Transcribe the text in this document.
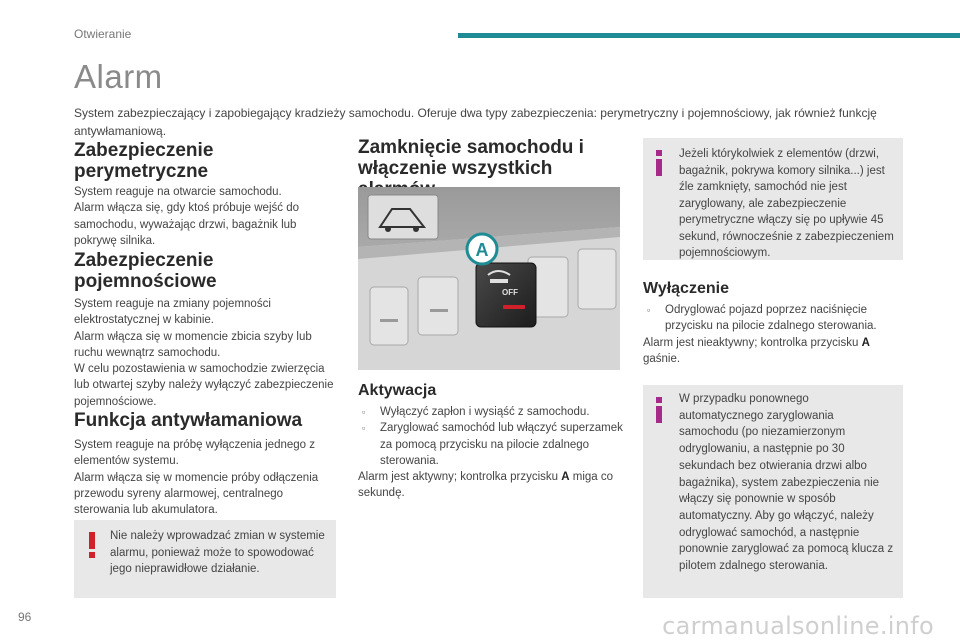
Otwieranie
Alarm

System zabezpieczający i zapobiegający kradzieży samochodu. Oferuje dwa typy zabezpieczenia: perymetryczny i pojemnościowy, jak również funkcję antywłamaniową.

Zabezpieczenie perymetryczne

System reaguje na otwarcie samochodu.

Alarm włącza się, gdy ktoś próbuje wejść do samochodu, wyważając drzwi, bagażnik lub pokrywę silnika.

Zabezpieczenie pojemnościowe

System reaguje na zmiany pojemności elektrostatycznej w kabinie.

Alarm włącza się w momencie zbicia szyby lub ruchu wewnątrz samochodu.

W celu pozostawienia w samochodzie zwierzęcia lub otwartej szyby należy wyłączyć zabezpieczenie pojemnościowe.

Funkcja antywłamaniowa

System reaguje na próbę wyłączenia jednego z elementów systemu.

Alarm włącza się w momencie próby odłączenia przewodu syreny alarmowej, centralnego sterowania lub akumulatora.

Nie należy wprowadzać zmian w systemie alarmu, ponieważ może to spowodować jego nieprawidłowe działanie.
Zamknięcie samochodu i włączenie wszystkich
OFF
A
Aktywacja
▫ Wyłączyć zapłon i wysiąść z samochodu.
▫ Zaryglować samochód lub włączyć superzamek za pomocą przycisku na pilocie zdalnego sterowania.

Alarm jest aktywny; kontrolka przycisku A miga co sekundę.

Jeżeli którykolwiek z elementów (drzwi, bagażnik, pokrywa komory silnika...) jest źle zamknięty, samochód nie jest zaryglowany, ale zabezpieczenie perymetryczne włączy się po upływie 45 sekund, równocześnie z zabezpieczeniem pojemnościowym.
Wyłączenie
▫ Odryglować pojazd poprzez naciśnięcie przycisku na pilocie zdalnego sterowania.

Alarm jest nieaktywny; kontrolka przycisku A gaśnie.

W przypadku ponownego automatycznego zaryglowania samochodu (po niezamierzonym odryglowaniu, a następnie po 30 sekundach bez otwierania drzwi albo bagażnika), system zabezpieczenia nie włączy się ponownie w sposób automatyczny. Aby go włączyć, należy odryglować samochód, a następnie ponownie zaryglować za pomocą klucza z pilotem zdalnego sterowania.
96	carmanualsonline.info
